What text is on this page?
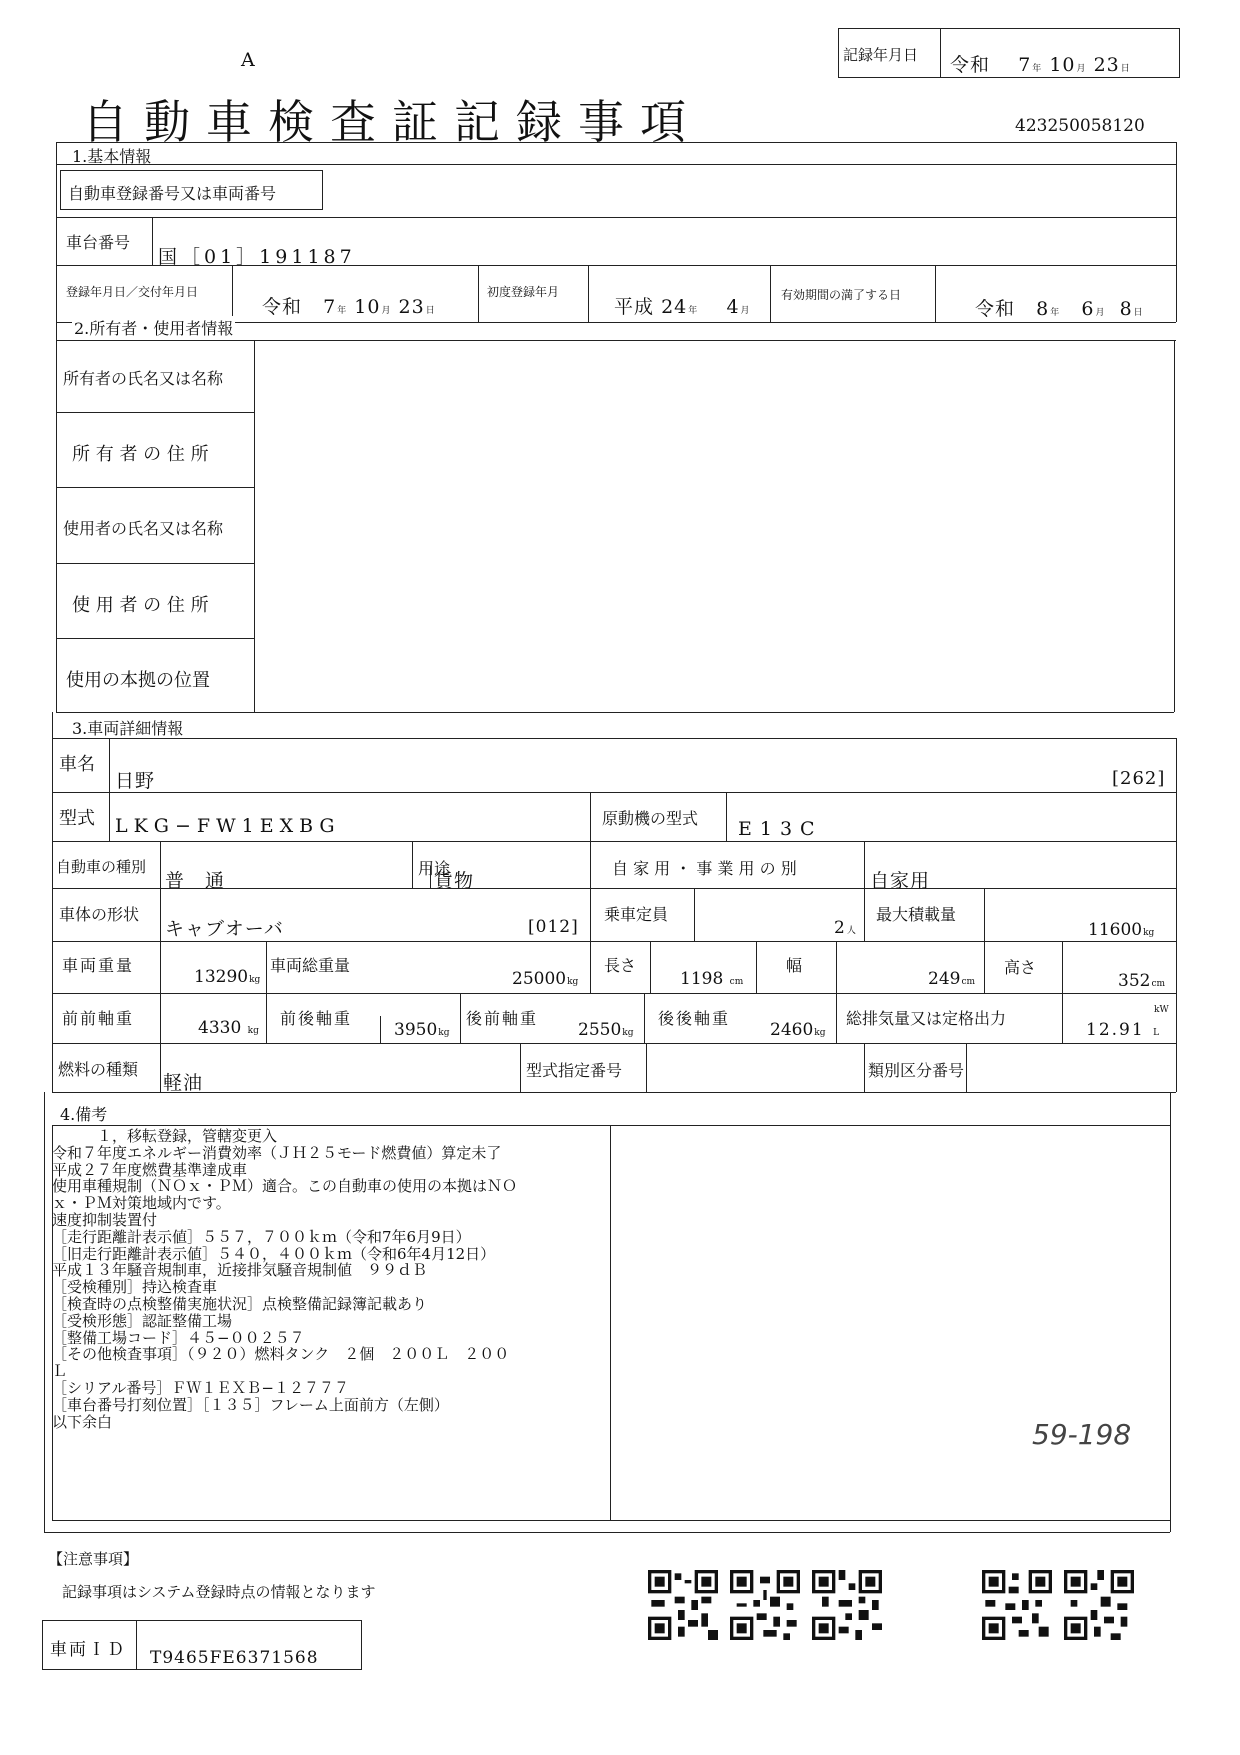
A
自動車検査証記録事項
記録年月日 令和 7年 10月 23日
423250058120
1.基本情報
自動車登録番号又は車両番号
車台番号
国［01］191187
登録年月日／交付年月日
令和 7年 10月 23日
初度登録年月
平成 24年 4月
有効期間の満了する日
令和 8年 6月 8日
2.所有者・使用者情報
所有者の氏名又は名称
所 有 者 の 住 所
使用者の氏名又は名称
使 用 者 の 住 所
使用の本拠の位置
3.車両詳細情報
車名
日野	[262]
型式 LKG−FW1EXBG	原動機の型式 E13C
自動車の種別
普　通
用途
貨物
自 家 用 ・ 事 業 用 の 別
自家用
車体の形状
キャブオーバ	[012]
乗車定員
2人
最大積載量
11600kg
車両重量
13290kg
車両総重量
25000kg
長さ
1198 cm
幅
249cm
高さ
352cm
前前軸重	4330 kg
前後軸重
3950kg
後前軸重
2550kg
後後軸重
2460kg
総排気量又は定格出力	kW
12.91 L
燃料の種類
軽油
型式指定番号	類別区分番号
4.備考
　　　１，移転登録，管轄変更入
令和７年度エネルギー消費効率（ＪＨ２５モード燃費値）算定未了
平成２７年度燃費基準達成車
使用車種規制（ＮＯｘ・ＰＭ）適合。この自動車の使用の本拠はＮＯ
ｘ・ＰＭ対策地域内です。
速度抑制装置付
［走行距離計表示値］５５７，７００ｋｍ（令和7年6月9日）
［旧走行距離計表示値］５４０，４００ｋｍ（令和6年4月12日）
平成１３年騒音規制車，近接排気騒音規制値　９９ｄＢ
［受検種別］持込検査車
［検査時の点検整備実施状況］点検整備記録簿記載あり
［受検形態］認証整備工場
［整備工場コード］４５−００２５７
［その他検査事項］（９２０）燃料タンク　２個　２００Ｌ　２００
Ｌ
［シリアル番号］ＦＷ１ＥＸＢ−１２７７７
［車台番号打刻位置］［１３５］フレーム上面前方（左側）
以下余白	59-198
【注意事項】
記録事項はシステム登録時点の情報となります
車両ＩＤ T9465FE6371568
